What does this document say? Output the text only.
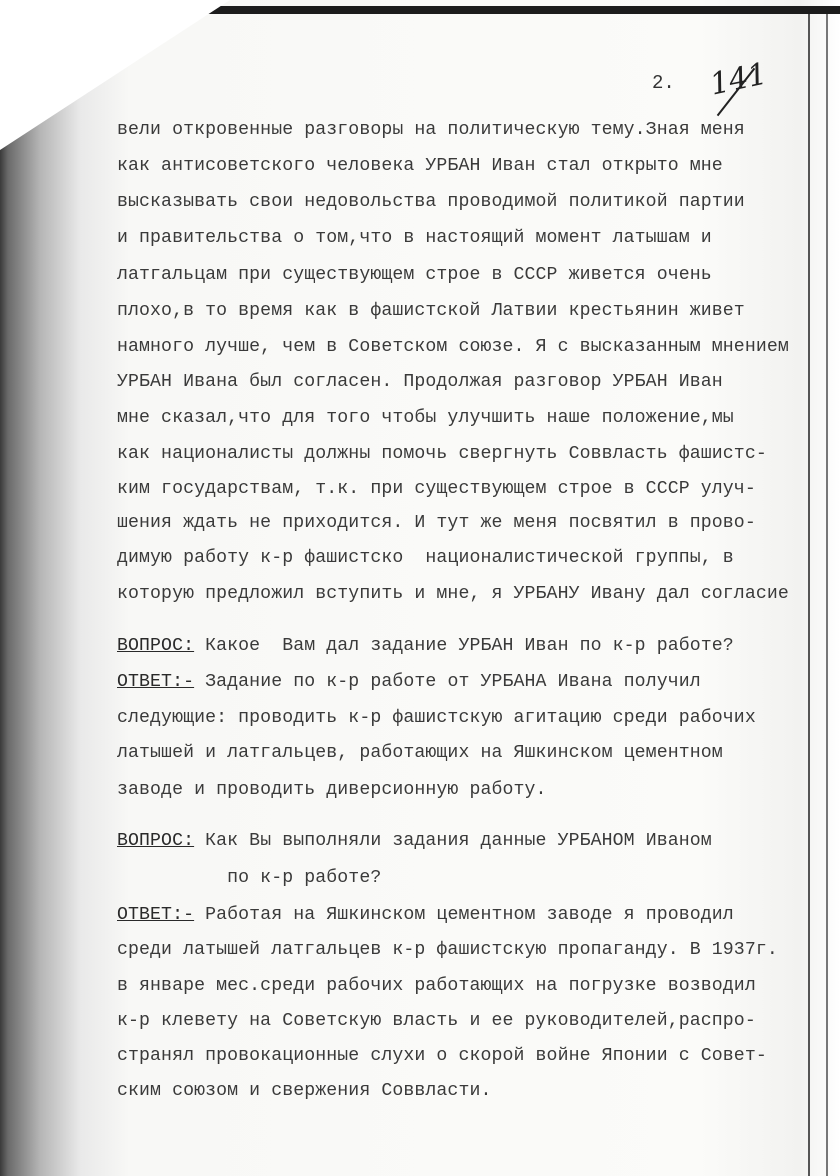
2. 141
вели откровенные разговоры на политическую тему.Зная меня
как антисоветского человека УРБАН Иван стал открыто мне
высказывать свои недовольства проводимой политикой партии
и правительства о том,что в настоящий момент латышам и
латгальцам при существующем строе в СССР живется очень
плохо,в то время как в фашистской Латвии крестьянин живет
намного лучше, чем в Советском союзе. Я с высказанным мнением
УРБАН Ивана был согласен. Продолжая разговор УРБАН Иван
мне сказал,что для того чтобы улучшить наше положение,мы
как националисты должны помочь свергнуть Соввласть фашистс-
ким государствам, т.к. при существующем строе в СССР улуч-
шения ждать не приходится. И тут же меня посвятил в прово-
димую работу к-р фашистско  националистической группы, в
которую предложил вступить и мне, я УРБАНУ Ивану дал согласие
ВОПРОС: Какое  Вам дал задание УРБАН Иван по к-р работе?
ОТВЕТ:- Задание по к-р работе от УРБАНА Ивана получил
следующие: проводить к-р фашистскую агитацию среди рабочих
латышей и латгальцев, работающих на Яшкинском цементном
заводе и проводить диверсионную работу.
ВОПРОС: Как Вы выполняли задания данные УРБАНОМ Иваном
по к-р работе?
ОТВЕТ:- Работая на Яшкинском цементном заводе я проводил
среди латышей латгальцев к-р фашистскую пропаганду. В 1937г.
в январе мес.среди рабочих работающих на погрузке возводил
к-р клевету на Советскую власть и ее руководителей,распро-
странял провокационные слухи о скорой войне Японии с Совет-
ским союзом и свержения Соввласти.
